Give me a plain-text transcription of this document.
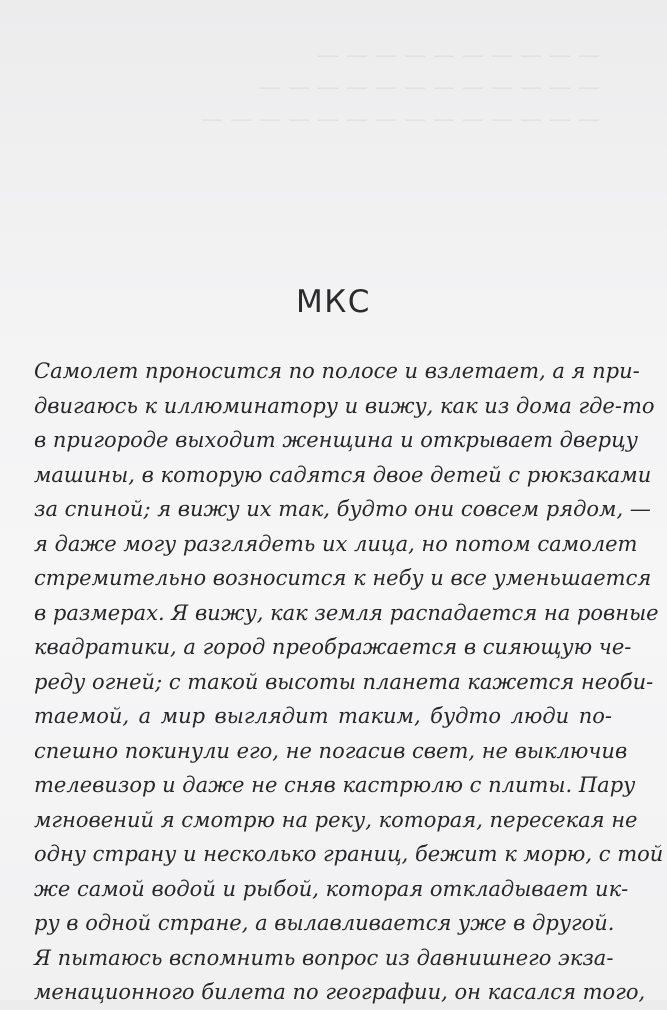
— — — — — — — — — —
— — — — — — — — — — — —
— — — — — — — — — — — — — —
МКС
Самолет проносится по полосе и взлетает, а я при-
двигаюсь к иллюминатору и вижу, как из дома где-то
в пригороде выходит женщина и открывает дверцу
машины, в которую садятся двое детей с рюкзаками
за спиной; я вижу их так, будто они совсем рядом, —
я даже могу разглядеть их лица, но потом самолет
стремительно возносится к небу и все уменьшается
в размерах. Я вижу, как земля распадается на ровные
квадратики, а город преображается в сияющую че-
реду огней; с такой высоты планета кажется необи-
таемой, а мир выглядит таким, будто люди по-
спешно покинули его, не погасив свет, не выключив
телевизор и даже не сняв кастрюлю с плиты. Пару
мгновений я смотрю на реку, которая, пересекая не
одну страну и несколько границ, бежит к морю, с той
же самой водой и рыбой, которая откладывает ик-
ру в одной стране, а вылавливается уже в другой.
Я пытаюсь вспомнить вопрос из давнишнего экза-
менационного билета по географии, он касался того,
